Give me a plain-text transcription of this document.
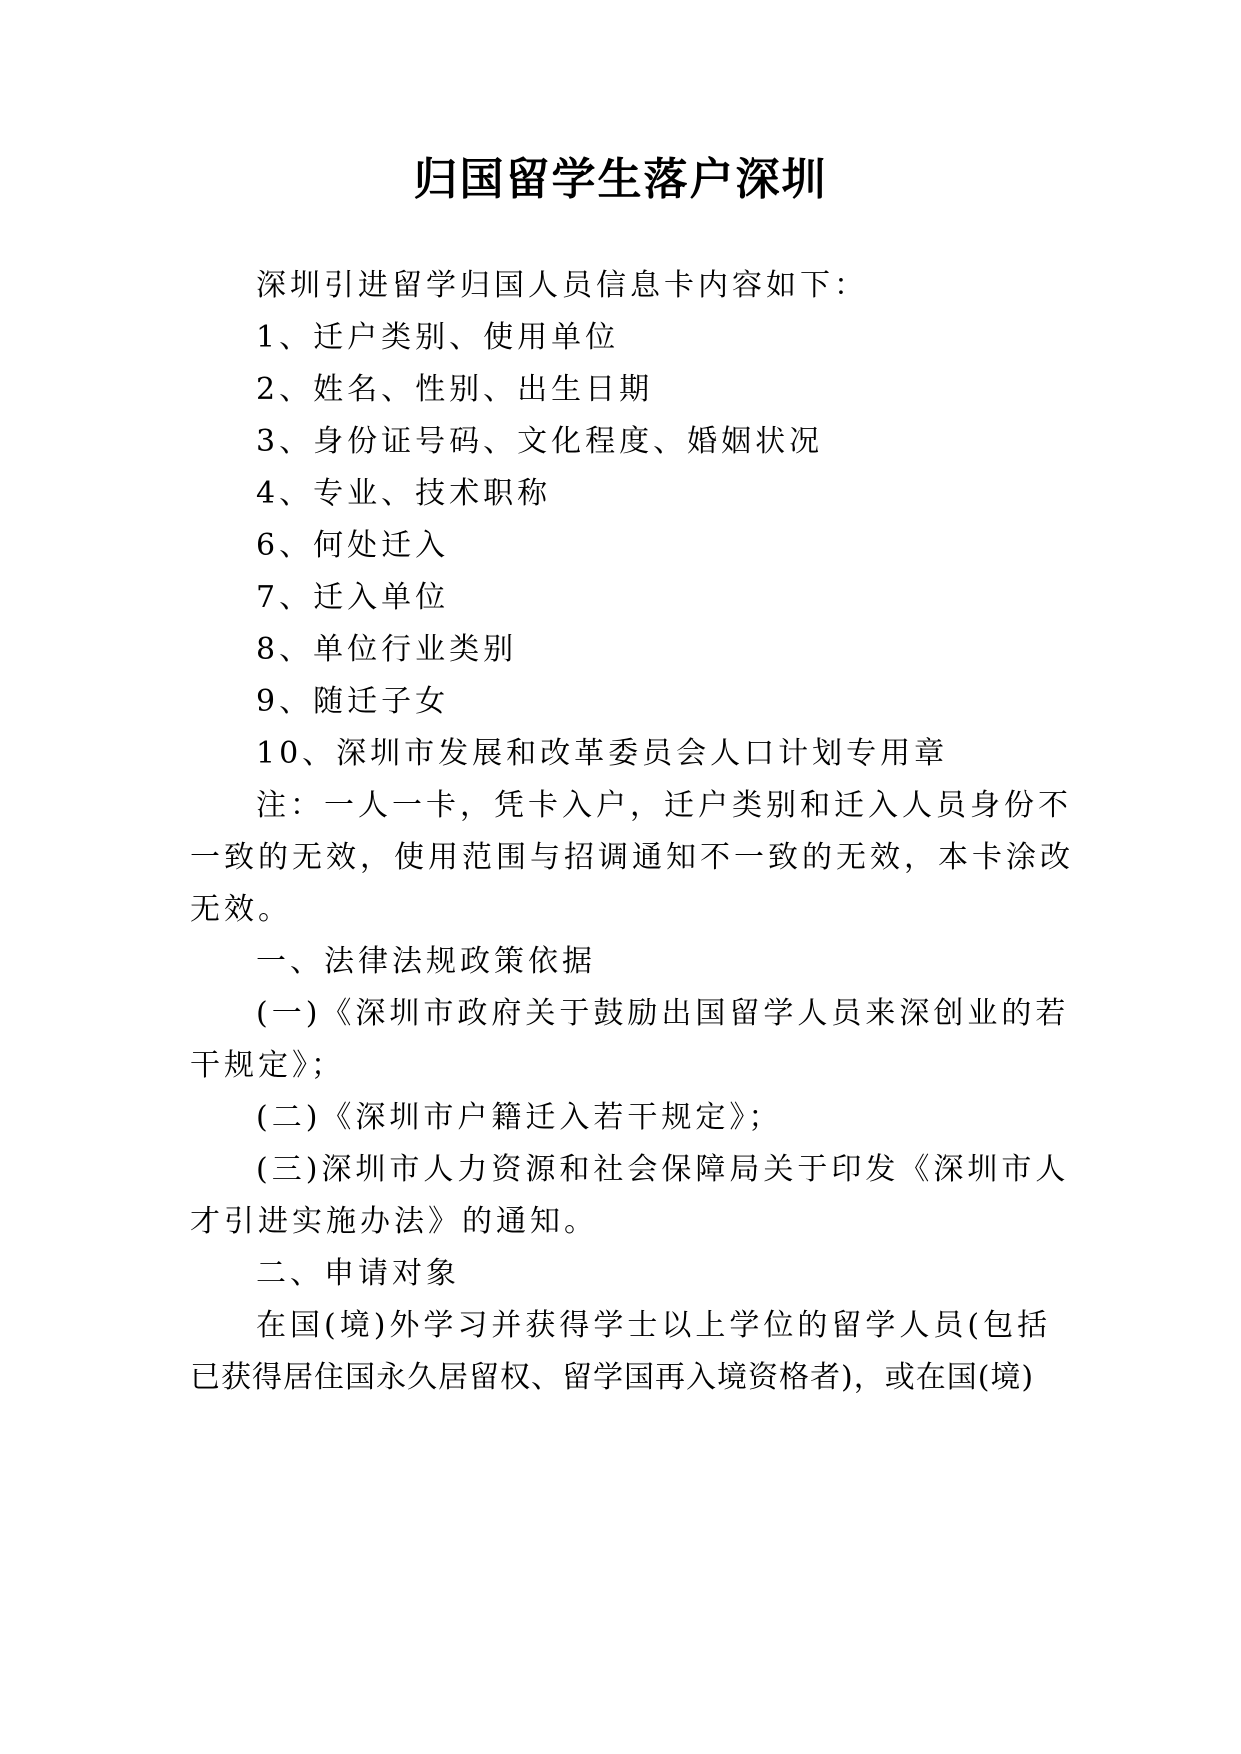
归国留学生落户深圳
深圳引进留学归国人员信息卡内容如下：
1、迁户类别、使用单位
2、姓名、性别、出生日期
3、身份证号码、文化程度、婚姻状况
4、专业、技术职称
6、何处迁入
7、迁入单位
8、单位行业类别
9、随迁子女
10、深圳市发展和改革委员会人口计划专用章
注：一人一卡，凭卡入户，迁户类别和迁入人员身份不
一致的无效，使用范围与招调通知不一致的无效，本卡涂改
无效。
一、法律法规政策依据
(一)《深圳市政府关于鼓励出国留学人员来深创业的若
干规定》；
(二)《深圳市户籍迁入若干规定》；
(三)深圳市人力资源和社会保障局关于印发《深圳市人
才引进实施办法》的通知。
二、申请对象
在国(境)外学习并获得学士以上学位的留学人员(包括
已获得居住国永久居留权、留学国再入境资格者)，或在国(境)
